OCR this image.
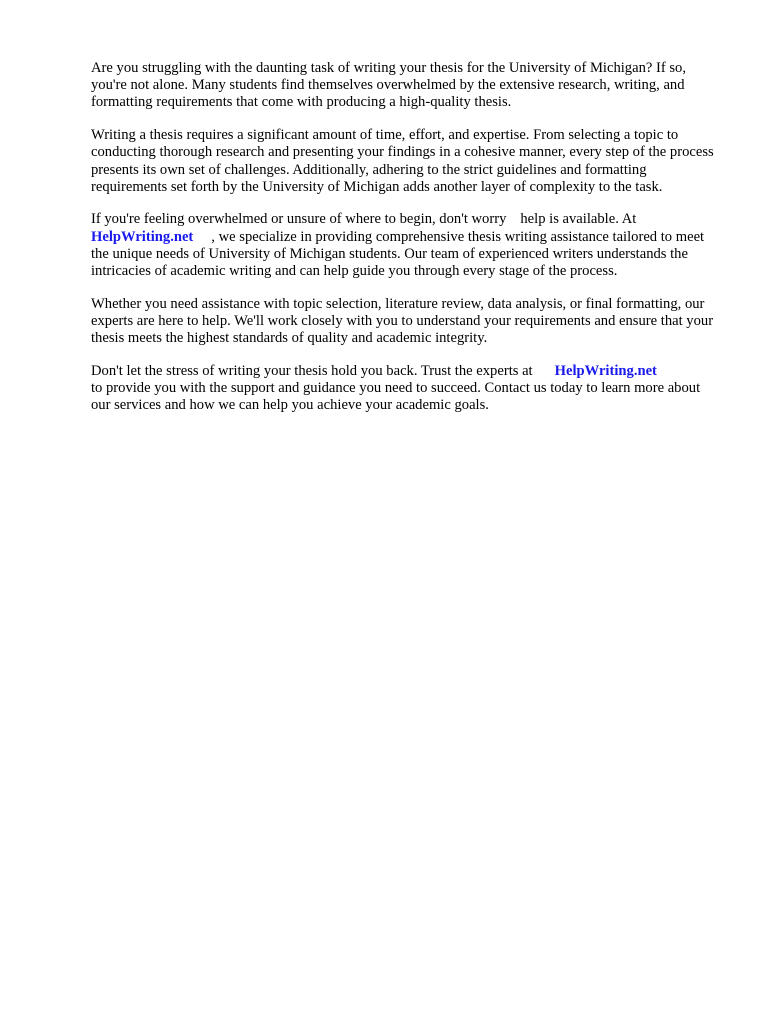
Are you struggling with the daunting task of writing your thesis for the University of Michigan? If so, you're not alone. Many students find themselves overwhelmed by the extensive research, writing, and formatting requirements that come with producing a high-quality thesis.

Writing a thesis requires a significant amount of time, effort, and expertise. From selecting a topic to conducting thorough research and presenting your findings in a cohesive manner, every step of the process presents its own set of challenges. Additionally, adhering to the strict guidelines and formatting requirements set forth by the University of Michigan adds another layer of complexity to the task.

If you're feeling overwhelmed or unsure of where to begin, don't worry help is available. At
HelpWriting.net , we specialize in providing comprehensive thesis writing assistance tailored to meet the unique needs of University of Michigan students. Our team of experienced writers understands the intricacies of academic writing and can help guide you through every stage of the process.

Whether you need assistance with topic selection, literature review, data analysis, or final formatting, our experts are here to help. We'll work closely with you to understand your requirements and ensure that your thesis meets the highest standards of quality and academic integrity.

Don't let the stress of writing your thesis hold you back. Trust the experts at HelpWriting.net
to provide you with the support and guidance you need to succeed. Contact us today to learn more about our services and how we can help you achieve your academic goals.
